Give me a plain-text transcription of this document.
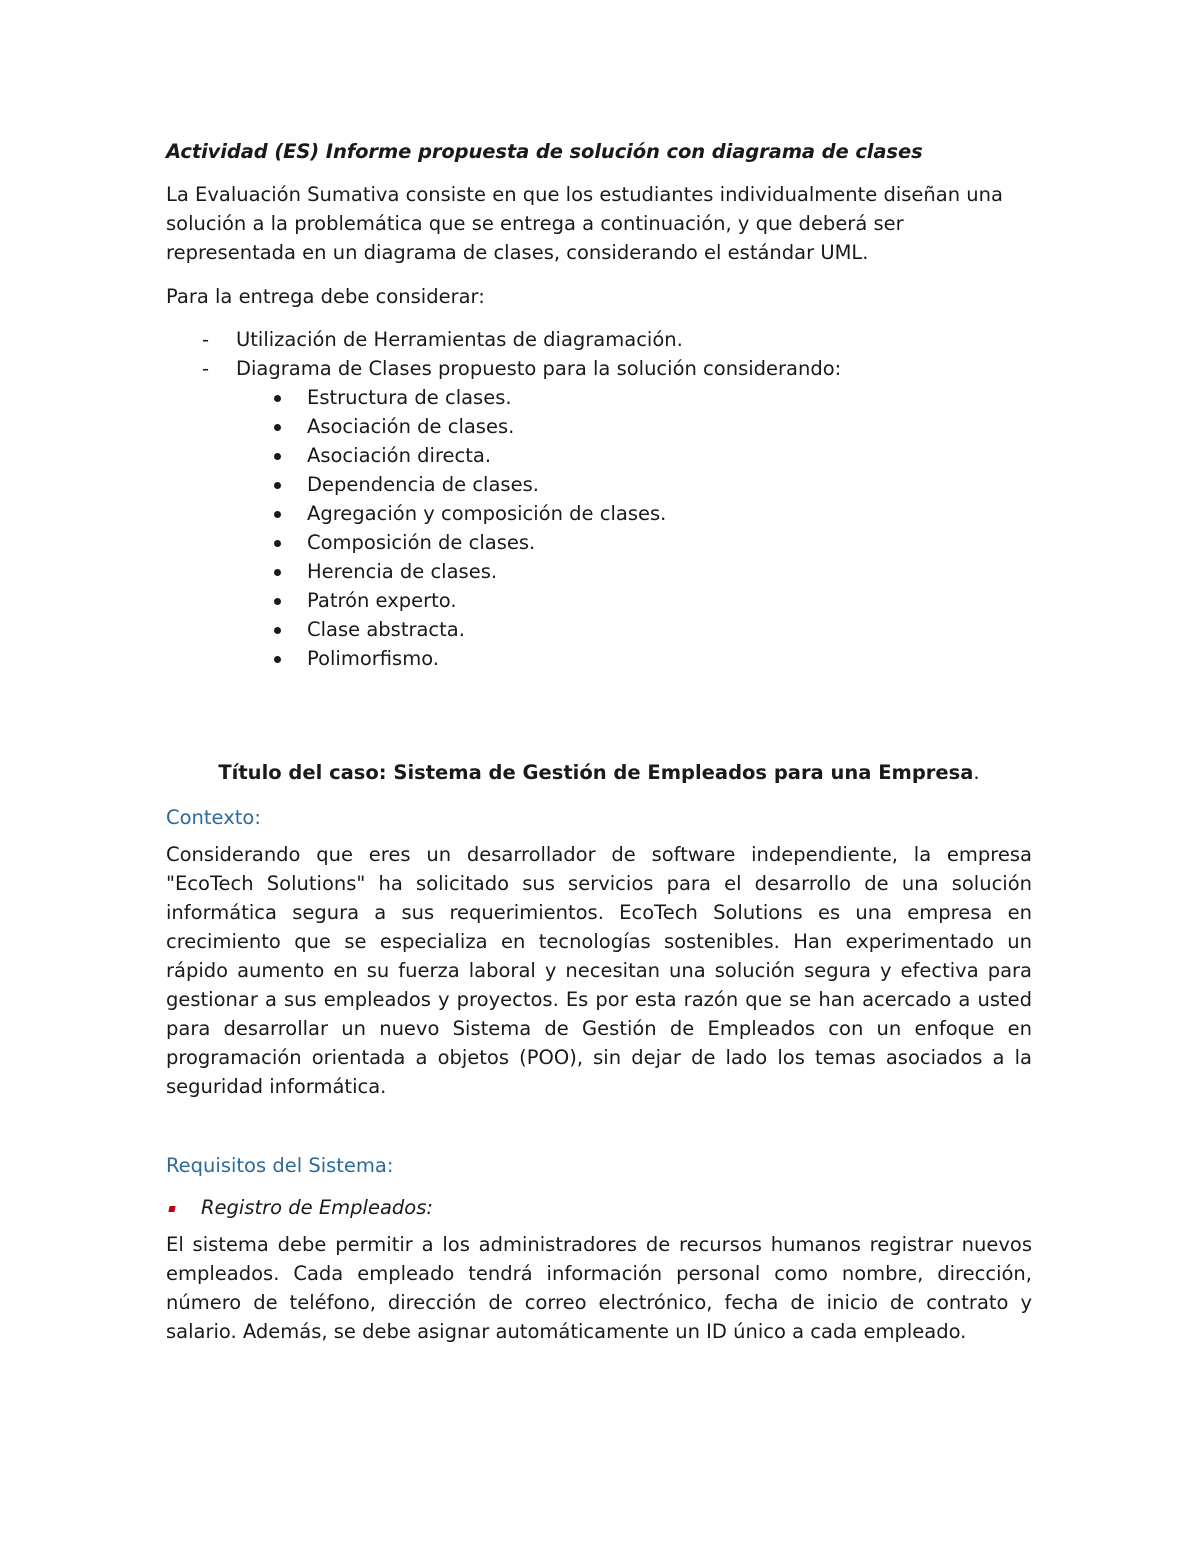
Actividad (ES) Informe propuesta de solución con diagrama de clases

La Evaluación Sumativa consiste en que los estudiantes individualmente diseñan una solución a la problemática que se entrega a continuación, y que deberá ser representada en un diagrama de clases, considerando el estándar UML.

Para la entrega debe considerar:

- Utilización de Herramientas de diagramación.
- Diagrama de Clases propuesto para la solución considerando:
Estructura de clases.
Asociación de clases.
Asociación directa.
Dependencia de clases.
Agregación y composición de clases.
Composición de clases.
Herencia de clases.
Patrón experto.
Clase abstracta.
Polimorfismo.

Título del caso: Sistema de Gestión de Empleados para una Empresa.

Contexto:

Considerando que eres un desarrollador de software independiente, la empresa "EcoTech Solutions" ha solicitado sus servicios para el desarrollo de una solución informática segura a sus requerimientos. EcoTech Solutions es una empresa en crecimiento que se especializa en tecnologías sostenibles. Han experimentado un rápido aumento en su fuerza laboral y necesitan una solución segura y efectiva para gestionar a sus empleados y proyectos. Es por esta razón que se han acercado a usted para desarrollar un nuevo Sistema de Gestión de Empleados con un enfoque en programación orientada a objetos (POO), sin dejar de lado los temas asociados a la seguridad informática.

Requisitos del Sistema:

Registro de Empleados:

El sistema debe permitir a los administradores de recursos humanos registrar nuevos empleados. Cada empleado tendrá información personal como nombre, dirección, número de teléfono, dirección de correo electrónico, fecha de inicio de contrato y salario. Además, se debe asignar automáticamente un ID único a cada empleado.
